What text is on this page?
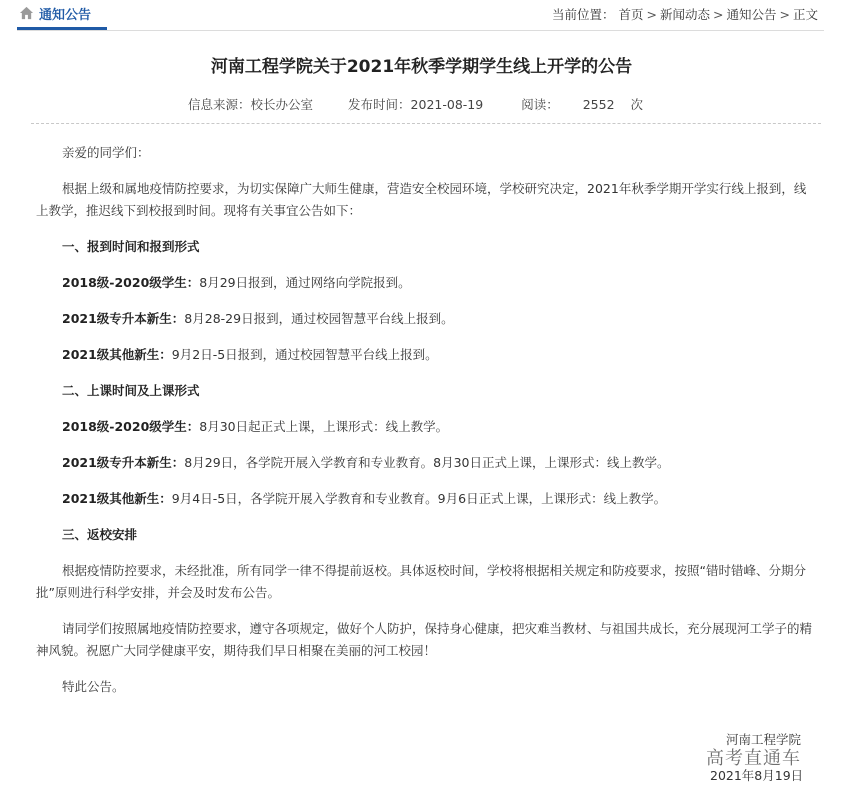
通知公告	当前位置： 首页 > 新闻动态 > 通知公告 > 正文
河南工程学院关于2021年秋季学期学生线上开学的公告
信息来源：校长办公室	发布时间：2021-08-19	阅读： 2552 次

亲爱的同学们：

根据上级和属地疫情防控要求，为切实保障广大师生健康，营造安全校园环境，学校研究决定，2021年秋季学期开学实行线上报到，线上教学，推迟线下到校报到时间。现将有关事宜公告如下：

一、报到时间和报到形式

2018级-2020级学生：8月29日报到，通过网络向学院报到。

2021级专升本新生：8月28-29日报到，通过校园智慧平台线上报到。

2021级其他新生：9月2日-5日报到，通过校园智慧平台线上报到。

二、上课时间及上课形式

2018级-2020级学生：8月30日起正式上课，上课形式：线上教学。

2021级专升本新生：8月29日，各学院开展入学教育和专业教育。8月30日正式上课，上课形式：线上教学。

2021级其他新生：9月4日-5日，各学院开展入学教育和专业教育。9月6日正式上课，上课形式：线上教学。

三、返校安排

根据疫情防控要求，未经批准，所有同学一律不得提前返校。具体返校时间，学校将根据相关规定和防疫要求，按照“错时错峰、分期分批”原则进行科学安排，并会及时发布公告。

请同学们按照属地疫情防控要求，遵守各项规定，做好个人防护，保持身心健康，把灾难当教材、与祖国共成长，充分展现河工学子的精神风貌。祝愿广大同学健康平安，期待我们早日相聚在美丽的河工校园！

特此公告。

河南工程学院
高考直通车
2021年8月19日
